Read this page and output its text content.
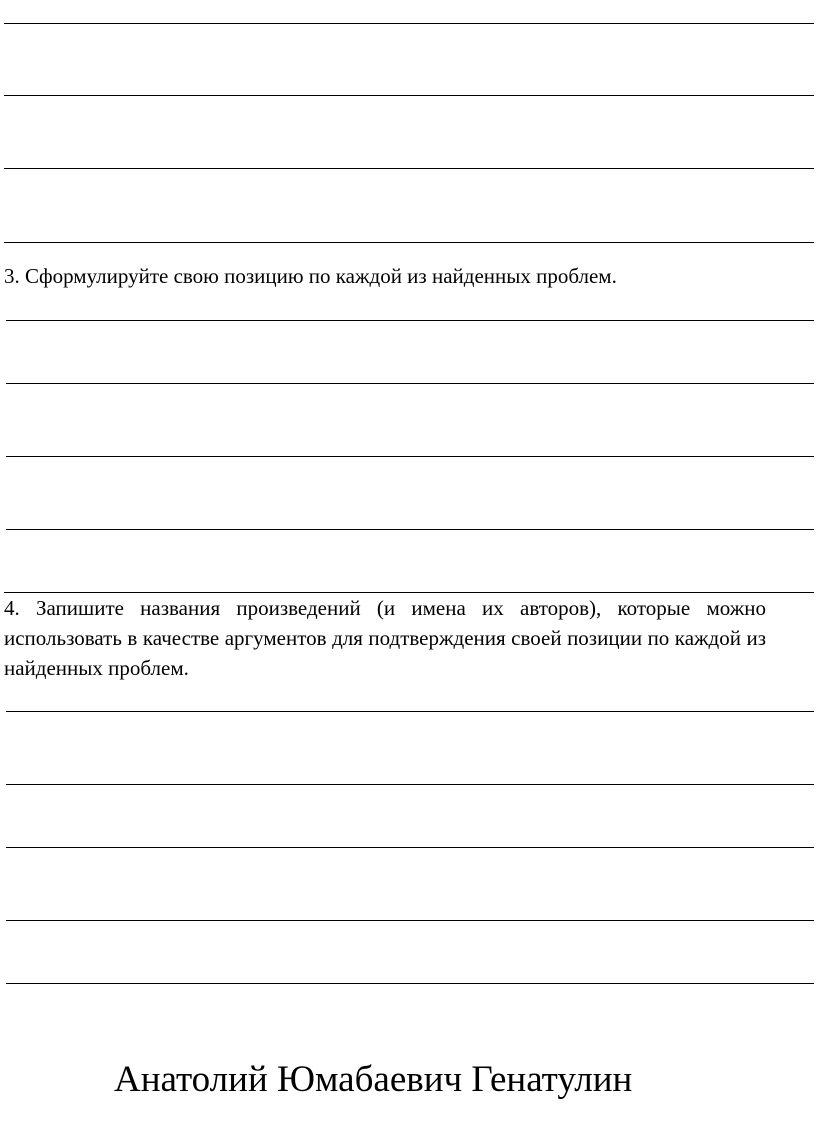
3. Сформулируйте свою позицию по каждой из найденных проблем.

4. Запишите названия произведений (и имена их авторов), которые можно использовать в качестве аргументов для подтверждения своей позиции по каждой из найденных проблем.

Анатолий Юмабаевич Генатулин
